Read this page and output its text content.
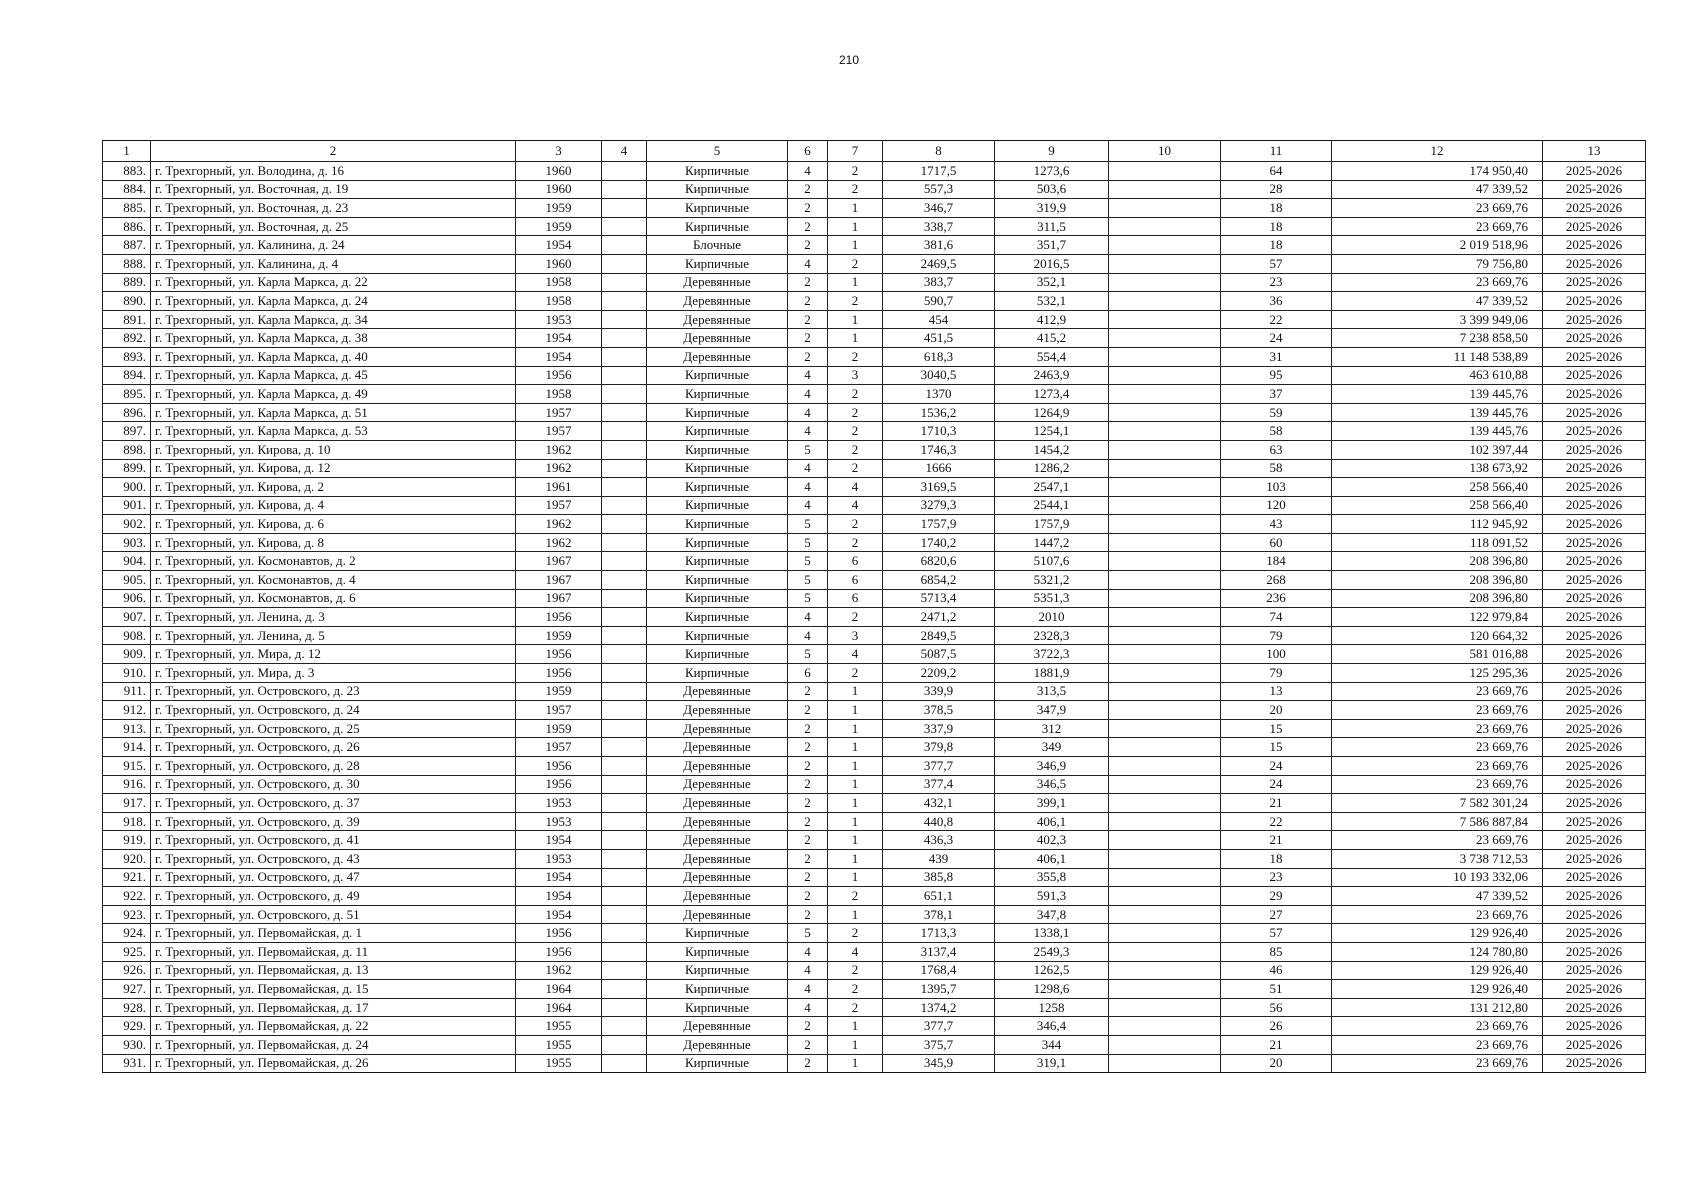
210
1	2	3	4	5	6	7	8	9	10	11	12	13
883.	г. Трехгорный, ул. Володина, д. 16	1960		Кирпичные	4	2	1717,5	1273,6		64	174 950,40	2025-2026
884.	г. Трехгорный, ул. Восточная, д. 19	1960		Кирпичные	2	2	557,3	503,6		28	47 339,52	2025-2026
885.	г. Трехгорный, ул. Восточная, д. 23	1959		Кирпичные	2	1	346,7	319,9		18	23 669,76	2025-2026
886.	г. Трехгорный, ул. Восточная, д. 25	1959		Кирпичные	2	1	338,7	311,5		18	23 669,76	2025-2026
887.	г. Трехгорный, ул. Калинина, д. 24	1954		Блочные	2	1	381,6	351,7		18	2 019 518,96	2025-2026
888.	г. Трехгорный, ул. Калинина, д. 4	1960		Кирпичные	4	2	2469,5	2016,5		57	79 756,80	2025-2026
889.	г. Трехгорный, ул. Карла Маркса, д. 22	1958		Деревянные	2	1	383,7	352,1		23	23 669,76	2025-2026
890.	г. Трехгорный, ул. Карла Маркса, д. 24	1958		Деревянные	2	2	590,7	532,1		36	47 339,52	2025-2026
891.	г. Трехгорный, ул. Карла Маркса, д. 34	1953		Деревянные	2	1	454	412,9		22	3 399 949,06	2025-2026
892.	г. Трехгорный, ул. Карла Маркса, д. 38	1954		Деревянные	2	1	451,5	415,2		24	7 238 858,50	2025-2026
893.	г. Трехгорный, ул. Карла Маркса, д. 40	1954		Деревянные	2	2	618,3	554,4		31	11 148 538,89	2025-2026
894.	г. Трехгорный, ул. Карла Маркса, д. 45	1956		Кирпичные	4	3	3040,5	2463,9		95	463 610,88	2025-2026
895.	г. Трехгорный, ул. Карла Маркса, д. 49	1958		Кирпичные	4	2	1370	1273,4		37	139 445,76	2025-2026
896.	г. Трехгорный, ул. Карла Маркса, д. 51	1957		Кирпичные	4	2	1536,2	1264,9		59	139 445,76	2025-2026
897.	г. Трехгорный, ул. Карла Маркса, д. 53	1957		Кирпичные	4	2	1710,3	1254,1		58	139 445,76	2025-2026
898.	г. Трехгорный, ул. Кирова, д. 10	1962		Кирпичные	5	2	1746,3	1454,2		63	102 397,44	2025-2026
899.	г. Трехгорный, ул. Кирова, д. 12	1962		Кирпичные	4	2	1666	1286,2		58	138 673,92	2025-2026
900.	г. Трехгорный, ул. Кирова, д. 2	1961		Кирпичные	4	4	3169,5	2547,1		103	258 566,40	2025-2026
901.	г. Трехгорный, ул. Кирова, д. 4	1957		Кирпичные	4	4	3279,3	2544,1		120	258 566,40	2025-2026
902.	г. Трехгорный, ул. Кирова, д. 6	1962		Кирпичные	5	2	1757,9	1757,9		43	112 945,92	2025-2026
903.	г. Трехгорный, ул. Кирова, д. 8	1962		Кирпичные	5	2	1740,2	1447,2		60	118 091,52	2025-2026
904.	г. Трехгорный, ул. Космонавтов, д. 2	1967		Кирпичные	5	6	6820,6	5107,6		184	208 396,80	2025-2026
905.	г. Трехгорный, ул. Космонавтов, д. 4	1967		Кирпичные	5	6	6854,2	5321,2		268	208 396,80	2025-2026
906.	г. Трехгорный, ул. Космонавтов, д. 6	1967		Кирпичные	5	6	5713,4	5351,3		236	208 396,80	2025-2026
907.	г. Трехгорный, ул. Ленина, д. 3	1956		Кирпичные	4	2	2471,2	2010		74	122 979,84	2025-2026
908.	г. Трехгорный, ул. Ленина, д. 5	1959		Кирпичные	4	3	2849,5	2328,3		79	120 664,32	2025-2026
909.	г. Трехгорный, ул. Мира, д. 12	1956		Кирпичные	5	4	5087,5	3722,3		100	581 016,88	2025-2026
910.	г. Трехгорный, ул. Мира, д. 3	1956		Кирпичные	6	2	2209,2	1881,9		79	125 295,36	2025-2026
911.	г. Трехгорный, ул. Островского, д. 23	1959		Деревянные	2	1	339,9	313,5		13	23 669,76	2025-2026
912.	г. Трехгорный, ул. Островского, д. 24	1957		Деревянные	2	1	378,5	347,9		20	23 669,76	2025-2026
913.	г. Трехгорный, ул. Островского, д. 25	1959		Деревянные	2	1	337,9	312		15	23 669,76	2025-2026
914.	г. Трехгорный, ул. Островского, д. 26	1957		Деревянные	2	1	379,8	349		15	23 669,76	2025-2026
915.	г. Трехгорный, ул. Островского, д. 28	1956		Деревянные	2	1	377,7	346,9		24	23 669,76	2025-2026
916.	г. Трехгорный, ул. Островского, д. 30	1956		Деревянные	2	1	377,4	346,5		24	23 669,76	2025-2026
917.	г. Трехгорный, ул. Островского, д. 37	1953		Деревянные	2	1	432,1	399,1		21	7 582 301,24	2025-2026
918.	г. Трехгорный, ул. Островского, д. 39	1953		Деревянные	2	1	440,8	406,1		22	7 586 887,84	2025-2026
919.	г. Трехгорный, ул. Островского, д. 41	1954		Деревянные	2	1	436,3	402,3		21	23 669,76	2025-2026
920.	г. Трехгорный, ул. Островского, д. 43	1953		Деревянные	2	1	439	406,1		18	3 738 712,53	2025-2026
921.	г. Трехгорный, ул. Островского, д. 47	1954		Деревянные	2	1	385,8	355,8		23	10 193 332,06	2025-2026
922.	г. Трехгорный, ул. Островского, д. 49	1954		Деревянные	2	2	651,1	591,3		29	47 339,52	2025-2026
923.	г. Трехгорный, ул. Островского, д. 51	1954		Деревянные	2	1	378,1	347,8		27	23 669,76	2025-2026
924.	г. Трехгорный, ул. Первомайская, д. 1	1956		Кирпичные	5	2	1713,3	1338,1		57	129 926,40	2025-2026
925.	г. Трехгорный, ул. Первомайская, д. 11	1956		Кирпичные	4	4	3137,4	2549,3		85	124 780,80	2025-2026
926.	г. Трехгорный, ул. Первомайская, д. 13	1962		Кирпичные	4	2	1768,4	1262,5		46	129 926,40	2025-2026
927.	г. Трехгорный, ул. Первомайская, д. 15	1964		Кирпичные	4	2	1395,7	1298,6		51	129 926,40	2025-2026
928.	г. Трехгорный, ул. Первомайская, д. 17	1964		Кирпичные	4	2	1374,2	1258		56	131 212,80	2025-2026
929.	г. Трехгорный, ул. Первомайская, д. 22	1955		Деревянные	2	1	377,7	346,4		26	23 669,76	2025-2026
930.	г. Трехгорный, ул. Первомайская, д. 24	1955		Деревянные	2	1	375,7	344		21	23 669,76	2025-2026
931.	г. Трехгорный, ул. Первомайская, д. 26	1955		Кирпичные	2	1	345,9	319,1		20	23 669,76	2025-2026
